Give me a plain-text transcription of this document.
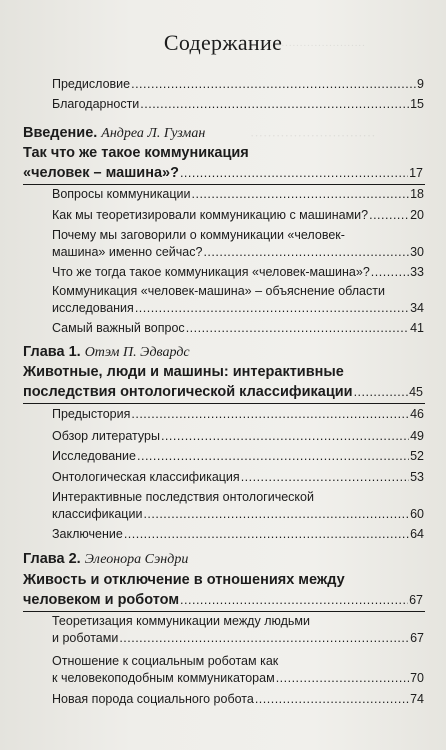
··························
·····························
Содержание
Предисловие .....	9
Благодарности .....	15
Введение. Андреа Л. Гузман
Так что же такое коммуникация
«человек – машина»? .....	17
Вопросы коммуникации .....	18
Как мы теоретизировали коммуникацию с машинами? .....	20
Почему мы заговорили о коммуникации «человек-
машина» именно сейчас? .....	30
Что же тогда такое коммуникация «человек-машина»? .....	33
Коммуникация «человек-машина» – объяснение области
исследования .....	34
Самый важный вопрос .....	41
Глава 1. Отэм П. Эдвардс
Животные, люди и машины: интерактивные
последствия онтологической классификации .....	45
Предыстория .....	46
Обзор литературы .....	49
Исследование .....	52
Онтологическая классификация .....	53
Интерактивные последствия онтологической
классификации .....	60
Заключение .....	64
Глава 2. Элеонора Сэндри
Живость и отключение в отношениях между
человеком и роботом .....	67
Теоретизация коммуникации между людьми
и роботами .....	67
Отношение к социальным роботам как
к человекоподобным коммуникаторам .....	70
Новая порода социального робота .....	74
